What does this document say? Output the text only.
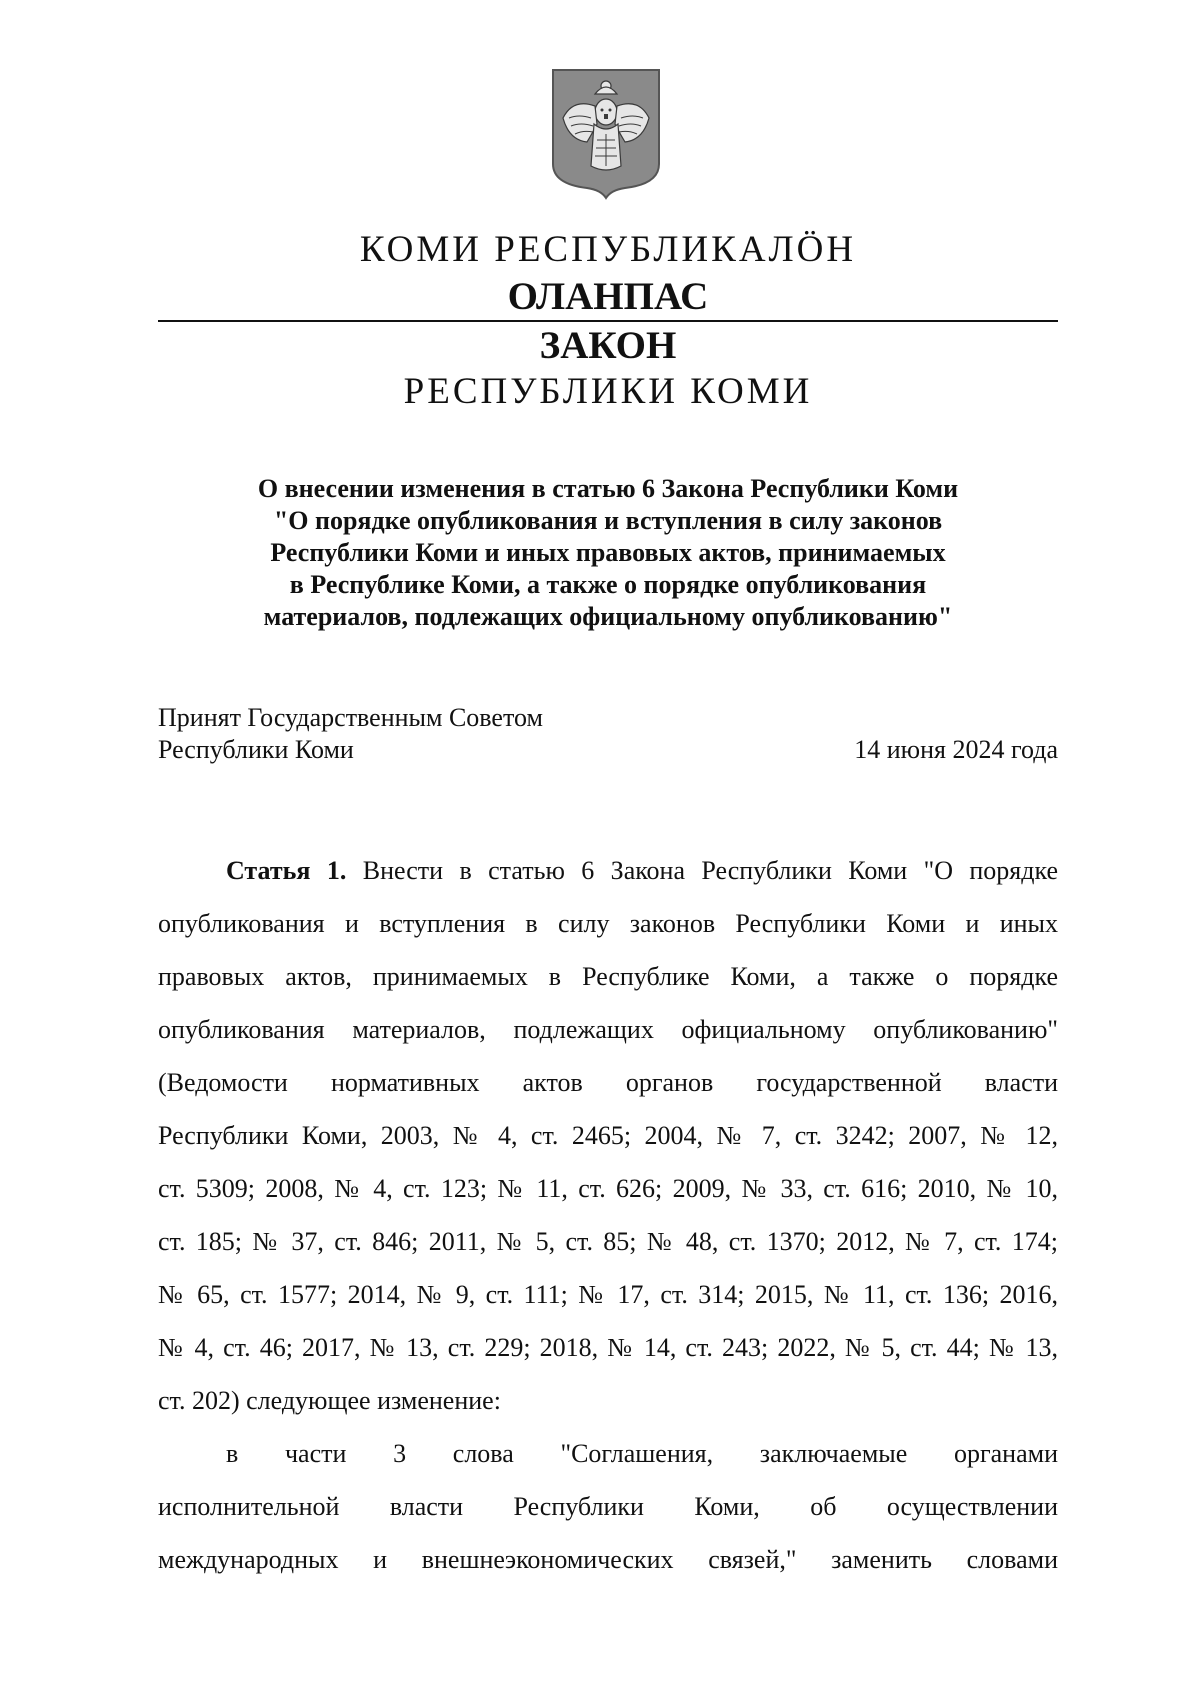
КОМИ РЕСПУБЛИКАЛÖН
ОЛАНПАС
ЗАКОН
РЕСПУБЛИКИ КОМИ
О внесении изменения в статью 6 Закона Республики Коми
"О порядке опубликования и вступления в силу законов
Республики Коми и иных правовых актов, принимаемых
в Республике Коми, а также о порядке опубликования
материалов, подлежащих официальному опубликованию"
Принят Государственным Советом
Республики Коми	14 июня 2024 года
Статья 1. Внести в статью 6 Закона Республики Коми "О порядке
опубликования и вступления в силу законов Республики Коми и иных
правовых актов, принимаемых в Республике Коми, а также о порядке
опубликования материалов, подлежащих официальному опубликованию"
(Ведомости нормативных актов органов государственной власти
Республики Коми, 2003, № 4, ст. 2465; 2004, № 7, ст. 3242; 2007, № 12,
ст. 5309; 2008, № 4, ст. 123; № 11, ст. 626; 2009, № 33, ст. 616; 2010, № 10,
ст. 185; № 37, ст. 846; 2011, № 5, ст. 85; № 48, ст. 1370; 2012, № 7, ст. 174;
№ 65, ст. 1577; 2014, № 9, ст. 111; № 17, ст. 314; 2015, № 11, ст. 136; 2016,
№ 4, ст. 46; 2017, № 13, ст. 229; 2018, № 14, ст. 243; 2022, № 5, ст. 44; № 13,
ст. 202) следующее изменение:
в части 3 слова "Соглашения, заключаемые органами
исполнительной власти Республики Коми, об осуществлении
международных и внешнеэкономических связей," заменить словами
